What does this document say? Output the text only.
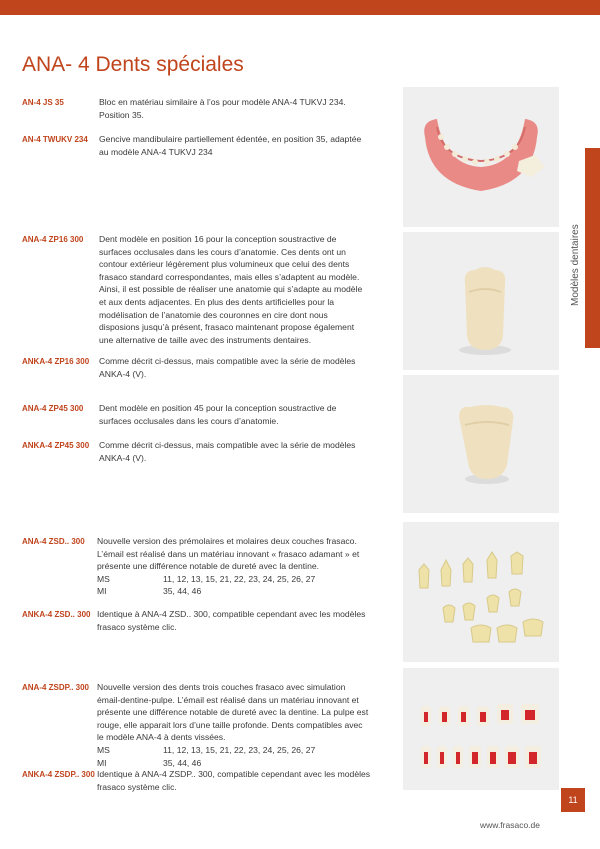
ANA- 4 Dents spéciales
AN-4 JS 35	Bloc en matériau similaire à l’os pour modèle ANA-4 TUKVJ 234.

Position 35.

AN-4 TWUKV 234 Gencive mandibulaire partiellement édentée, en position 35, adaptée

au modèle ANA-4 TUKVJ 234

ANA-4 ZP16 300 Dent modèle en position 16 pour la conception soustractive de

surfaces occlusales dans les cours d’anatomie. Ces dents ont un

contour extérieur légèrement plus volumineux que celui des dents

frasaco standard correspondantes, mais elles s’adaptent au modèle.

Ainsi, il est possible de réaliser une anatomie qui s’adapte au modèle

et aux dents adjacentes. En plus des dents artificielles pour la

modélisation de l’anatomie des couronnes en cire dont nous

disposions jusqu’à présent, frasaco maintenant propose également

une alternative de taille avec des instruments dentaires.

ANKA-4 ZP16 300 Comme décrit ci-dessus, mais compatible avec la série de modèles

ANKA-4 (V).

ANA-4 ZP45 300 Dent modèle en position 45 pour la conception soustractive de

surfaces occlusales dans les cours d’anatomie.

ANKA-4 ZP45 300 Comme décrit ci-dessus, mais compatible avec la série de modèles

ANKA-4 (V).

ANA-4 ZSD.. 300 Nouvelle version des prémolaires et molaires deux couches frasaco.

L’émail est réalisé dans un matériau innovant « frasaco adamant » et

présente une différence notable de dureté avec la dentine.

MS	11, 12, 13, 15, 21, 22, 23, 24, 25, 26, 27
MI	35, 44, 46
ANKA-4 ZSD.. 300 Identique à ANA-4 ZSD.. 300, compatible cependant avec les modèles

frasaco système clic.

ANA-4 ZSDP.. 300 Nouvelle version des dents trois couches frasaco avec simulation

émail-dentine-pulpe. L’émail est réalisé dans un matériau innovant et

présente une différence notable de dureté avec la dentine. La pulpe est

rouge, elle apparait lors d’une taille profonde. Dents compatibles avec

le modèle ANA-4 à dents vissées.

MS	11, 12, 13, 15, 21, 22, 23, 24, 25, 26, 27
MI	35, 44, 46
ANKA-4 ZSDP.. 300 Identique à ANA-4 ZSDP.. 300, compatible cependant avec les modèles

frasaco système clic.

Modèles dentaires
11
www.frasaco.de
